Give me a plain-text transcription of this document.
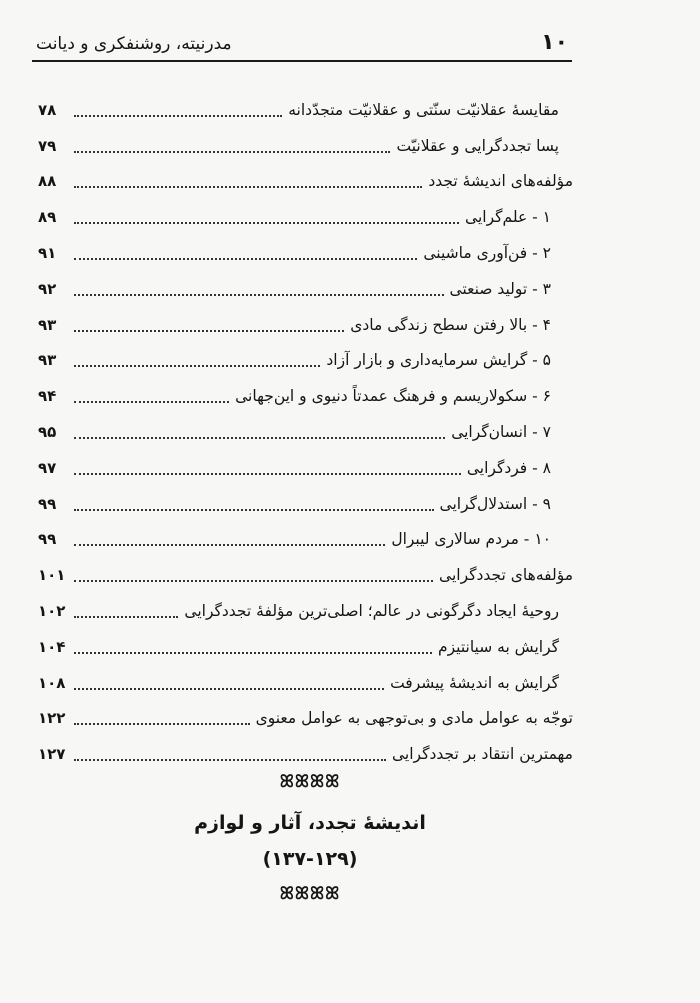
۱۰
مدرنیته، روشنفکری و دیانت
مقایسۀ عقلانیّت سنّتی و عقلانیّت متجدّدانه
۷۸
پسا تجددگرایی و عقلانیّت
۷۹
مؤلفه‌های اندیشۀ تجدد
۸۸
۱ - علم‌گرایی
۸۹
۲ - فن‌آوری ماشینی
۹۱
۳ - تولید صنعتی
۹۲
۴ - بالا رفتن سطح زندگی مادی
۹۳
۵ - گرایش سرمایه‌داری و بازار آزاد
۹۳
۶ - سکولاریسم و فرهنگ عمدتاً دنیوی و این‌جهانی
۹۴
۷ - انسان‌گرایی
۹۵
۸ - فردگرایی
۹۷
۹ - استدلال‌گرایی
۹۹
۱۰ - مردم سالاری لیبرال
۹۹
مؤلفه‌های تجددگرایی
۱۰۱
روحیۀ ایجاد دگرگونی در عالم؛ اصلی‌ترین مؤلفۀ تجددگرایی
۱۰۲
گرایش به سیانتیزم
۱۰۴
گرایش به اندیشۀ پیشرفت
۱۰۸
توجّه به عوامل مادی و بی‌توجهی به عوامل معنوی
۱۲۲
مهمترین انتقاد بر تجددگرایی
۱۲۷
ꕤꕤꕤꕤ
اندیشۀ تجدد، آثار و لوازم
(۱۳۷-۱۲۹)
ꕤꕤꕤꕤ
